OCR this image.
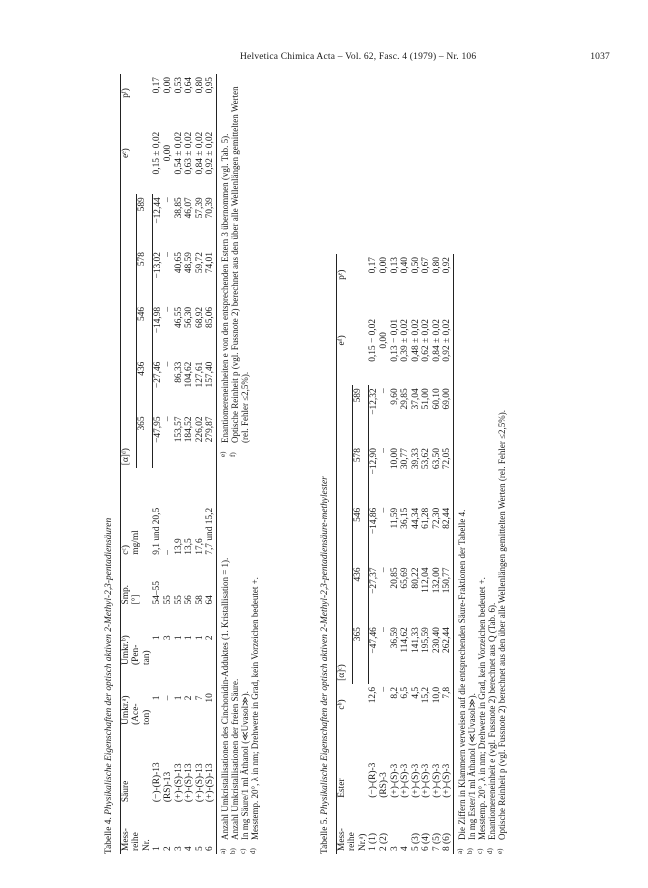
Helvetica Chimica Acta – Vol. 62, Fasc. 4 (1979) – Nr. 106	1037
Tabelle 4. Physikalische Eigenschaften der optisch aktiven 2-Methyl-2,3-pentadiensäuren
Mess-
reihe
Nr.	Säure	Umkr.ᵃ)
(Ace-
ton)	Umkr.ᵇ)
(Pen-
tan)	Smp.
[°]	cᶜ)
mg/ml	[α]ᵈ)					eᵉ)	pᶠ)
						365	436	546	578	589		
1	(−)-(R)-13	1	1	54–55	9,1 und 20,5	−47,95	−27,46	−14,98	−13,02	−12,44	0,15 ± 0,02	0,17
2	(RS)-13	–	3	55	–	–	–	–	–	–	0,00	0,00
3	(+)-(S)-13	1	1	55	13,9	153,57	86,33	46,55	40,65	38,85	0,54 ± 0,02	0,53
4	(+)-(S)-13	2	1	56	13,5	184,52	104,62	56,30	48,59	46,07	0,63 ± 0,02	0,64
5	(+)-(S)-13	7	1	58	17,6	226,02	127,61	68,92	59,72	57,39	0,84 ± 0,02	0,80
6	(+)-(S)-13	10	2	64	7,7 und 15,2	279,87	157,40	85,06	74,01	70,39	0,92 ± 0,02	0,95
a)
Anzahl Umkristallisationen des Cinchonidin-Adduktes (1. Kristallisation = 1).
b)
Anzahl Umkristallisationen der freien Säure.
c)
In mg Säure/1 ml Äthanol (≪Uvasol≫).
d)
Messtemp. 20°, λ in nm; Drehwerte in Grad, kein Vorzeichen bedeutet +.
e)
Enantiomereneinheiten e von den entsprechenden Estern 3 übernommen (vgl. Tab. 5).
f)
Optische Reinheit p (vgl. Fussnote 2) berechnet aus den über alle Wellenlängen gemittelten Werten (rel. Fehler ≤2,5%).
Tabelle 5. Physikalische Eigenschaften der optisch aktiven 2-Methyl-2,3-pentadiensäure-methylester
Mess-
reihe
Nr.ᵃ)	Ester	cᵇ)	[α]ᶜ)					eᵈ)	pᵉ)
			365	436	546	578	589		
1 (1)	(−)-(R)-3	12,6	−47,46	−27,37	−14,86	−12,90	−12,32	0,15 − 0,02	0,17
2 (2)	(RS)-3	–	–	–	–	–	–	0,00	0,00
3	(+)-(S)-3	8,2	36,59	20,85	11,59	10,00	9,60	0,13 − 0,01	0,13
4	(+)-(S)-3	6,5	114,62	65,69	36,15	30,77	29,85	0,39 ± 0,02	0,40
5 (3)	(+)-(S)-3	4,5	141,33	80,22	44,34	39,33	37,04	0,48 ± 0,02	0,50
6 (4)	(+)-(S)-3	15,2	195,59	112,04	61,28	53,62	51,00	0,62 ± 0,02	0,67
7 (5)	(+)-(S)-3	10,0	230,40	132,00	72,30	63,50	60,10	0,84 ± 0,02	0,80
8 (6)	(+)-(S)-3	7,8	262,44	150,77	82,44	72,05	69,00	0,92 ± 0,02	0,92
a)
Die Ziffern in Klammern verweisen auf die entsprechenden Säure-Fraktionen der Tabelle 4.
b)
In mg Ester/1 ml Äthanol (≪Uvasol≫).
c)
Messtemp. 20°, λ in nm; Drehwerte in Grad, kein Vorzeichen bedeutet +.
d)
Enantiomereneinheit e (vgl. Fussnote 2) berechnet aus Q (Tab. 6).
e)
Optische Reinheit p (vgl. Fussnote 2) berechnet aus den über alle Wellenlängen gemittelten Werten (rel. Fehler ≤2,5%).
